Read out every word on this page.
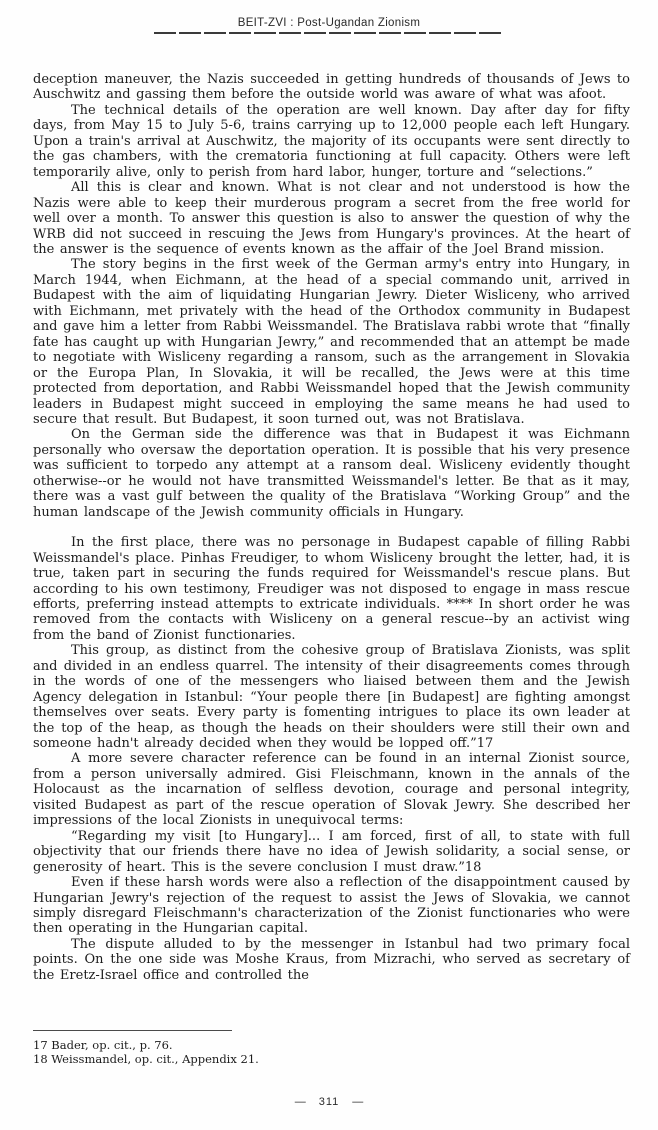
BEIT-ZVI : Post-Ugandan Zionism

deception maneuver, the Nazis succeeded in getting hundreds of thousands of Jews to Auschwitz and gassing them before the outside world was aware of what was afoot.

The technical details of the operation are well known. Day after day for fifty days, from May 15 to July 5-6, trains carrying up to 12,000 people each left Hungary. Upon a train's arrival at Auschwitz, the majority of its occupants were sent directly to the gas chambers, with the crematoria functioning at full capacity. Others were left temporarily alive, only to perish from hard labor, hunger, torture and “selections.”

All this is clear and known. What is not clear and not understood is how the Nazis were able to keep their murderous program a secret from the free world for well over a month. To answer this question is also to answer the question of why the WRB did not succeed in rescuing the Jews from Hungary's provinces. At the heart of the answer is the sequence of events known as the affair of the Joel Brand mission.

The story begins in the first week of the German army's entry into Hungary, in March 1944, when Eichmann, at the head of a special commando unit, arrived in Budapest with the aim of liquidating Hungarian Jewry. Dieter Wisliceny, who arrived with Eichmann, met privately with the head of the Orthodox community in Budapest and gave him a letter from Rabbi Weissmandel. The Bratislava rabbi wrote that “finally fate has caught up with Hungarian Jewry,” and recommended that an attempt be made to negotiate with Wisliceny regarding a ransom, such as the arrangement in Slovakia or the Europa Plan, In Slovakia, it will be recalled, the Jews were at this time protected from deportation, and Rabbi Weissmandel hoped that the Jewish community leaders in Budapest might succeed in employing the same means he had used to secure that result. But Budapest, it soon turned out, was not Bratislava.

On the German side the difference was that in Budapest it was Eichmann personally who oversaw the deportation operation. It is possible that his very presence was sufficient to torpedo any attempt at a ransom deal. Wisliceny evidently thought otherwise--or he would not have transmitted Weissmandel's letter. Be that as it may, there was a vast gulf between the quality of the Bratislava “Working Group” and the human landscape of the Jewish community officials in Hungary.

In the first place, there was no personage in Budapest capable of filling Rabbi Weissmandel's place. Pinhas Freudiger, to whom Wisliceny brought the letter, had, it is true, taken part in securing the funds required for Weissmandel's rescue plans. But according to his own testimony, Freudiger was not disposed to engage in mass rescue efforts, preferring instead attempts to extricate individuals. **** In short order he was removed from the contacts with Wisliceny on a general rescue--by an activist wing from the band of Zionist functionaries.

This group, as distinct from the cohesive group of Bratislava Zionists, was split and divided in an endless quarrel. The intensity of their disagreements comes through in the words of one of the messengers who liaised between them and the Jewish Agency delegation in Istanbul: “Your people there [in Budapest] are fighting amongst themselves over seats. Every party is fomenting intrigues to place its own leader at the top of the heap, as though the heads on their shoulders were still their own and someone hadn't already decided when they would be lopped off.”17

A more severe character reference can be found in an internal Zionist source, from a person universally admired. Gisi Fleischmann, known in the annals of the Holocaust as the incarnation of selfless devotion, courage and personal integrity, visited Budapest as part of the rescue operation of Slovak Jewry. She described her impressions of the local Zionists in unequivocal terms:

“Regarding my visit [to Hungary]... I am forced, first of all, to state with full objectivity that our friends there have no idea of Jewish solidarity, a social sense, or generosity of heart. This is the severe conclusion I must draw.”18

Even if these harsh words were also a reflection of the disappointment caused by Hungarian Jewry's rejection of the request to assist the Jews of Slovakia, we cannot simply disregard Fleischmann's characterization of the Zionist functionaries who were then operating in the Hungarian capital.

The dispute alluded to by the messenger in Istanbul had two primary focal points. On the one side was Moshe Kraus, from Mizrachi, who served as secretary of the Eretz-Israel office and controlled the

17 Bader, op. cit., p. 76.
18 Weissmandel, op. cit., Appendix 21.
— 311 —
